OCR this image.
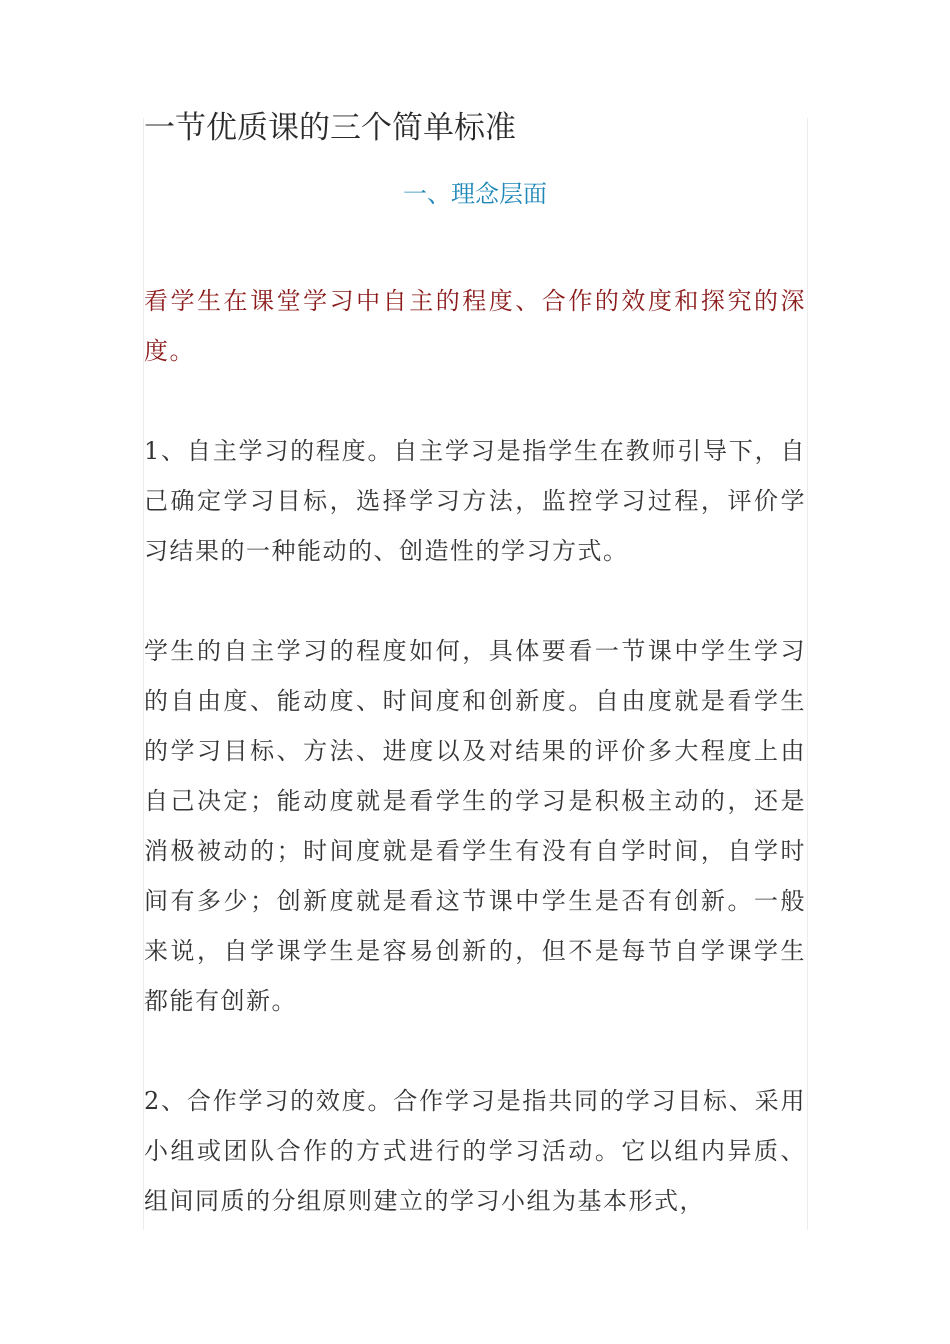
一节优质课的三个简单标准
一、理念层面

看学生在课堂学习中自主的程度、合作的效度和探究的深度。

1、自主学习的程度。自主学习是指学生在教师引导下，自己确定学习目标，选择学习方法，监控学习过程，评价学习结果的一种能动的、创造性的学习方式。

学生的自主学习的程度如何，具体要看一节课中学生学习的自由度、能动度、时间度和创新度。自由度就是看学生的学习目标、方法、进度以及对结果的评价多大程度上由自己决定；能动度就是看学生的学习是积极主动的，还是消极被动的；时间度就是看学生有没有自学时间，自学时间有多少；创新度就是看这节课中学生是否有创新。一般来说，自学课学生是容易创新的，但不是每节自学课学生都能有创新。

2、合作学习的效度。合作学习是指共同的学习目标、采用小组或团队合作的方式进行的学习活动。它以组内异质、组间同质的分组原则建立的学习小组为基本形式，
